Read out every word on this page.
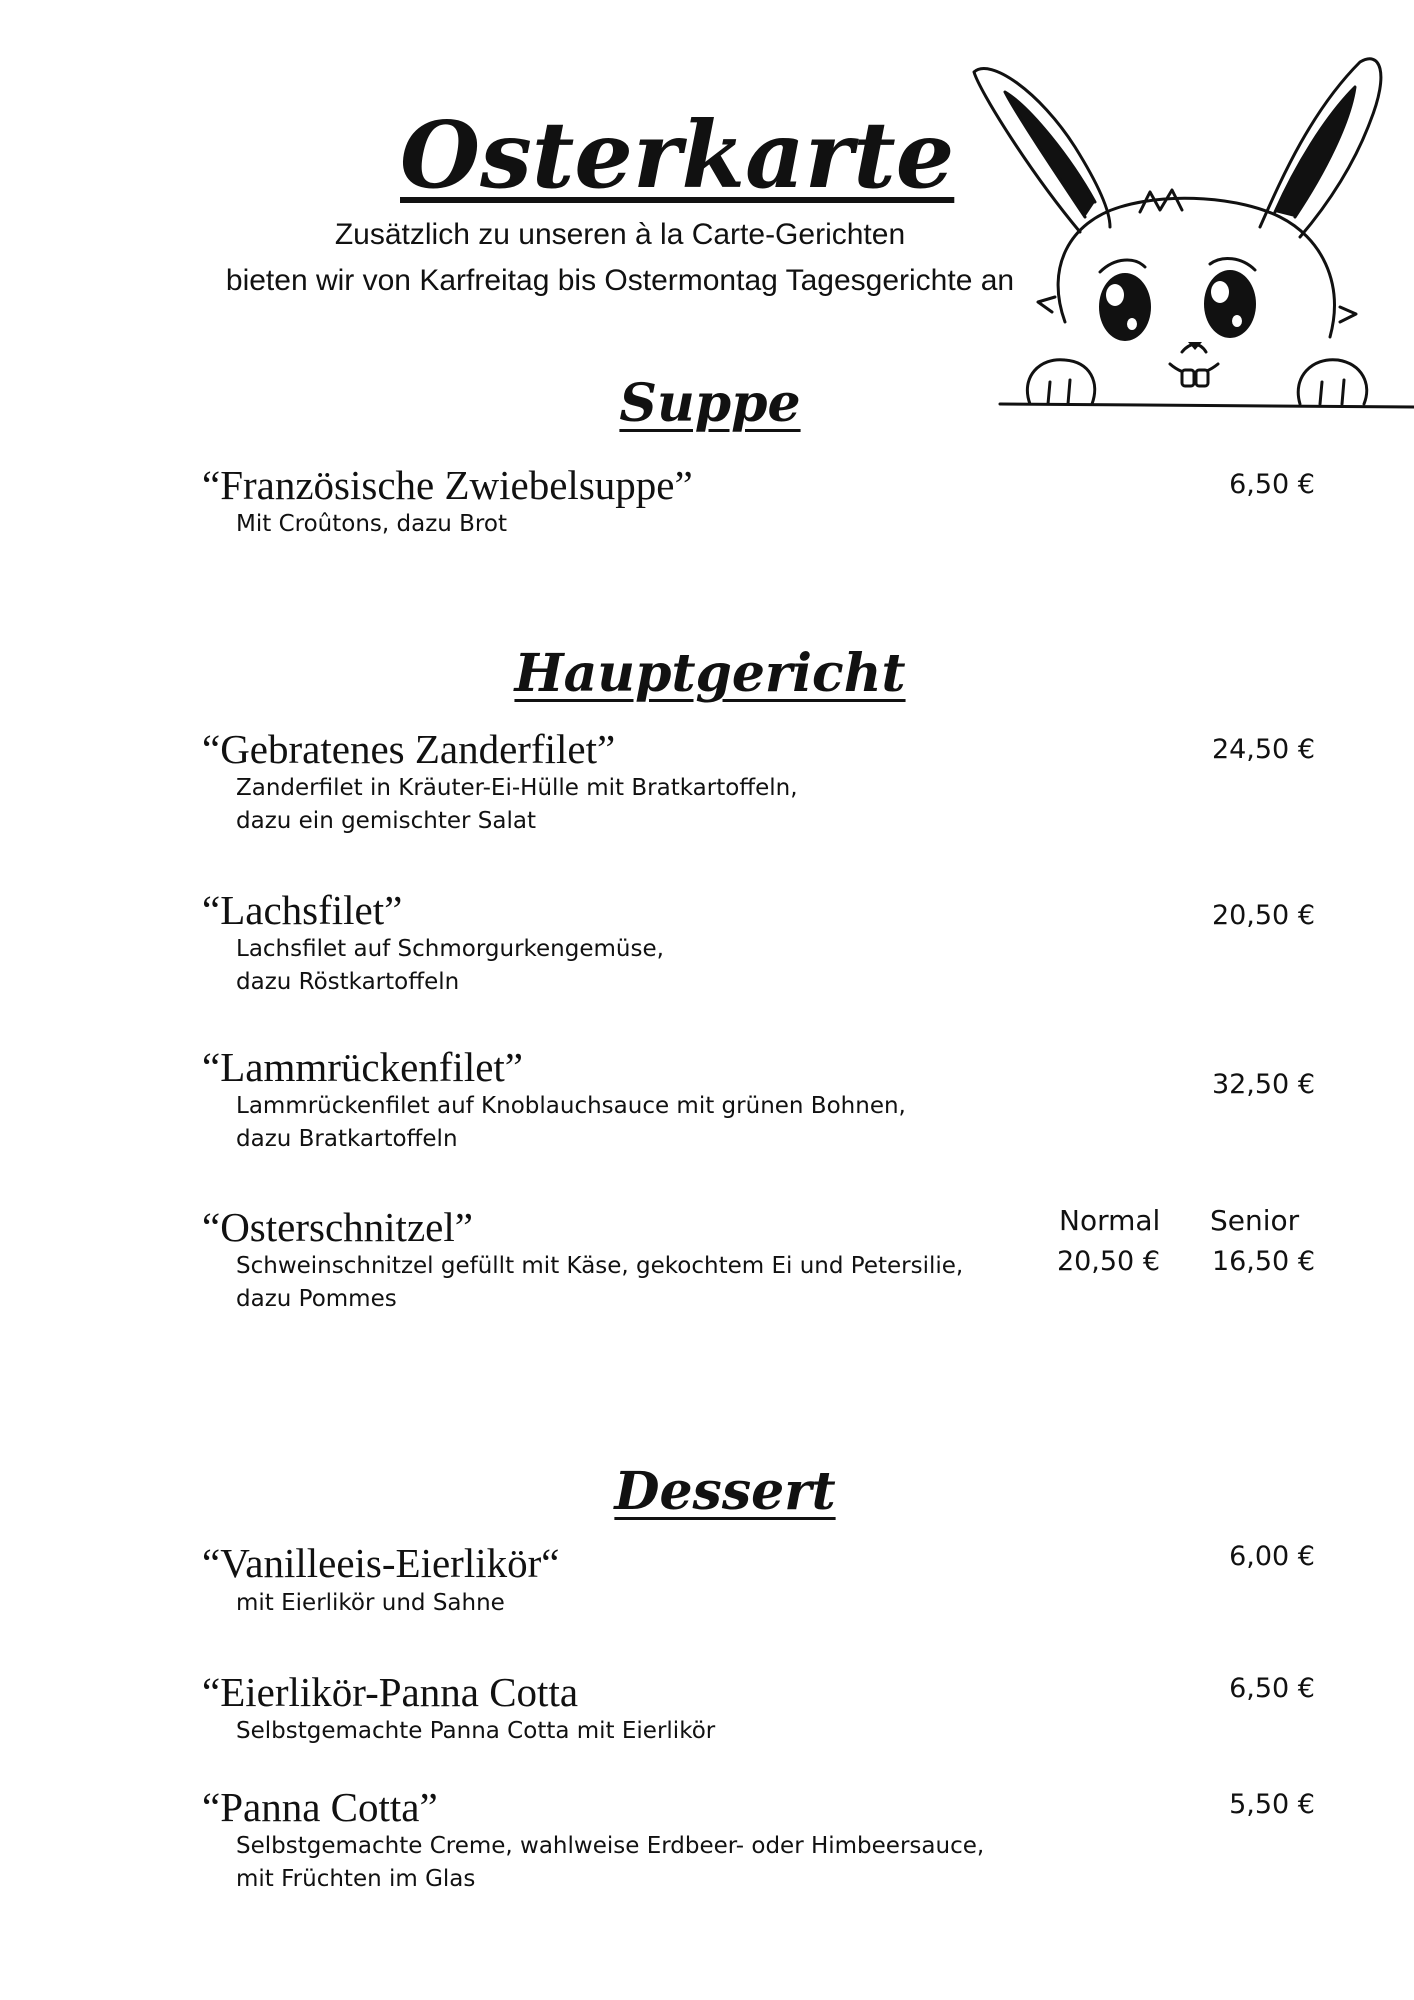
Osterkarte
Zusätzlich zu unseren à la Carte-Gerichten
bieten wir von Karfreitag bis Ostermontag Tagesgerichte an
Suppe
“Französische Zwiebelsuppe”
Mit Croûtons, dazu Brot
6,50 €
Hauptgericht
“Gebratenes Zanderfilet”
Zanderfilet in Kräuter-Ei-Hülle mit Bratkartoffeln,
dazu ein gemischter Salat
24,50 €
“Lachsfilet”
Lachsfilet auf Schmorgurkengemüse,
dazu Röstkartoffeln
20,50 €
“Lammrückenfilet”
Lammrückenfilet auf Knoblauchsauce mit grünen Bohnen,
dazu Bratkartoffeln
32,50 €
“Osterschnitzel”
Schweinschnitzel gefüllt mit Käse, gekochtem Ei und Petersilie,
dazu Pommes
Normal Senior
20,50 €	16,50 €
Dessert
“Vanilleeis-Eierlikör“
mit Eierlikör und Sahne
6,00 €
“Eierlikör-Panna Cotta
Selbstgemachte Panna Cotta mit Eierlikör
6,50 €
“Panna Cotta”
Selbstgemachte Creme, wahlweise Erdbeer- oder Himbeersauce,
mit Früchten im Glas
5,50 €
